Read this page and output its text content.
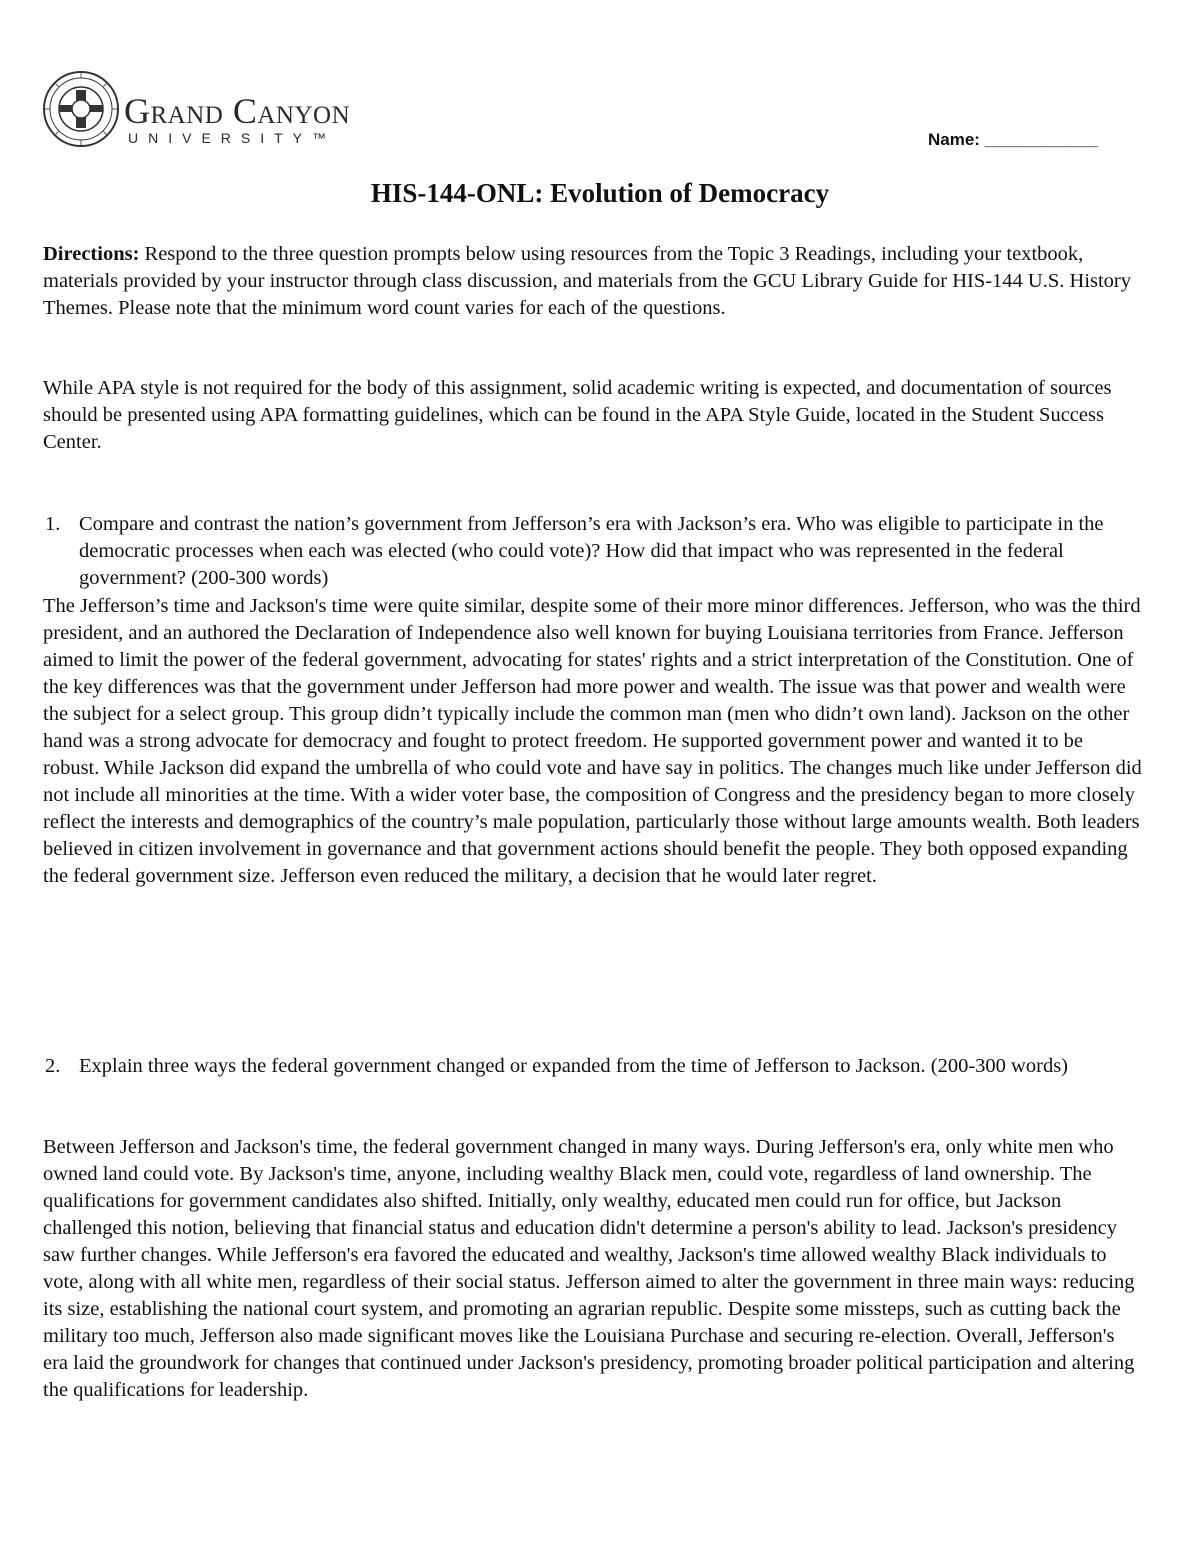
Grand Canyon
UNIVERSITY™	Name: ____________
HIS-144-ONL: Evolution of Democracy

Directions: Respond to the three question prompts below using resources from the Topic 3 Readings, including your textbook, materials provided by your instructor through class discussion, and materials from the GCU Library Guide for HIS-144 U.S. History Themes. Please note that the minimum word count varies for each of the questions.

While APA style is not required for the body of this assignment, solid academic writing is expected, and documentation of sources should be presented using APA formatting guidelines, which can be found in the APA Style Guide, located in the Student Success Center.

1. Compare and contrast the nation’s government from Jefferson’s era with Jackson’s era. Who was eligible to participate in the democratic processes when each was elected (who could vote)? How did that impact who was represented in the federal government? (200-300 words)

The Jefferson’s time and Jackson's time were quite similar, despite some of their more minor differences. Jefferson, who was the third president, and an authored the Declaration of Independence also well known for buying Louisiana territories from France. Jefferson aimed to limit the power of the federal government, advocating for states' rights and a strict interpretation of the Constitution. One of the key differences was that the government under Jefferson had more power and wealth. The issue was that power and wealth were the subject for a select group. This group didn’t typically include the common man (men who didn’t own land). Jackson on the other hand was a strong advocate for democracy and fought to protect freedom. He supported government power and wanted it to be robust. While Jackson did expand the umbrella of who could vote and have say in politics. The changes much like under Jefferson did not include all minorities at the time. With a wider voter base, the composition of Congress and the presidency began to more closely reflect the interests and demographics of the country’s male population, particularly those without large amounts wealth. Both leaders believed in citizen involvement in governance and that government actions should benefit the people. They both opposed expanding the federal government size. Jefferson even reduced the military, a decision that he would later regret.

2. Explain three ways the federal government changed or expanded from the time of Jefferson to Jackson. (200-300 words)

Between Jefferson and Jackson's time, the federal government changed in many ways. During Jefferson's era, only white men who owned land could vote. By Jackson's time, anyone, including wealthy Black men, could vote, regardless of land ownership. The qualifications for government candidates also shifted. Initially, only wealthy, educated men could run for office, but Jackson challenged this notion, believing that financial status and education didn't determine a person's ability to lead. Jackson's presidency saw further changes. While Jefferson's era favored the educated and wealthy, Jackson's time allowed wealthy Black individuals to vote, along with all white men, regardless of their social status. Jefferson aimed to alter the government in three main ways: reducing its size, establishing the national court system, and promoting an agrarian republic. Despite some missteps, such as cutting back the military too much, Jefferson also made significant moves like the Louisiana Purchase and securing re-election. Overall, Jefferson's era laid the groundwork for changes that continued under Jackson's presidency, promoting broader political participation and altering the qualifications for leadership.
